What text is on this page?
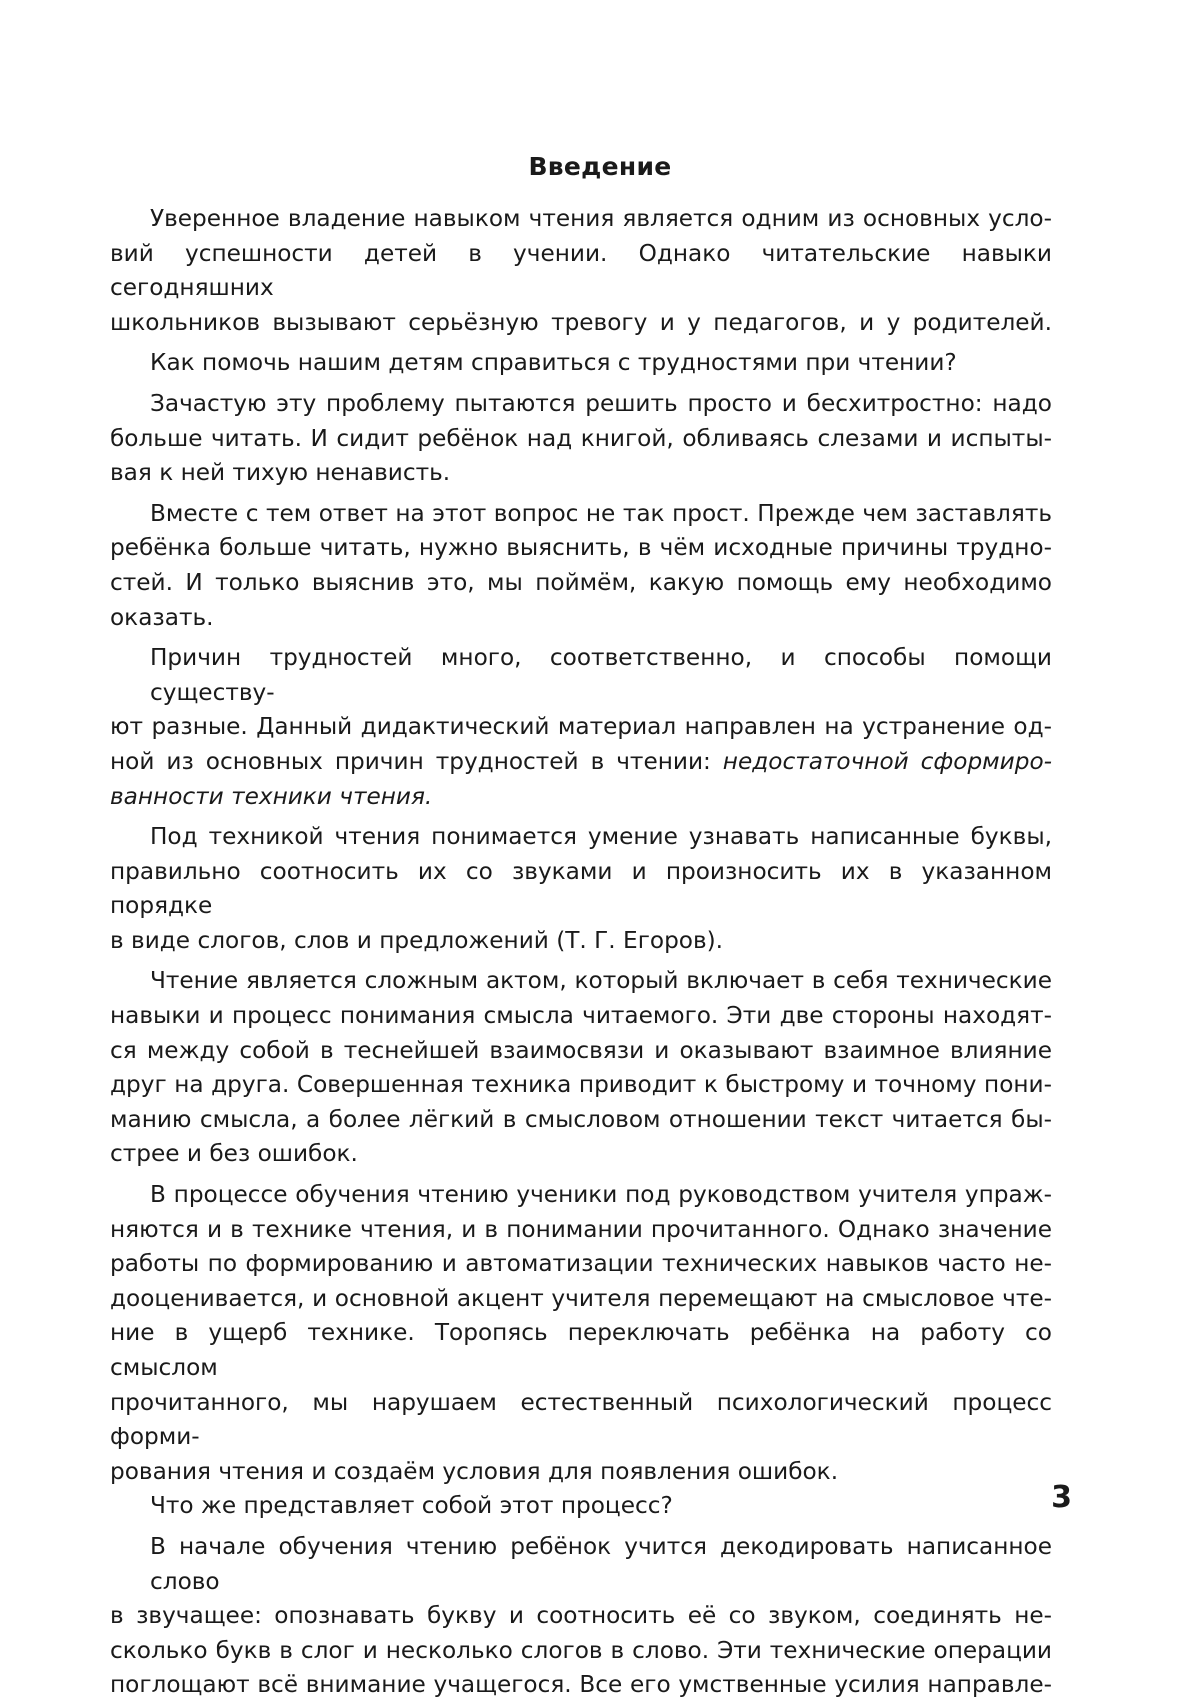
Введение
Уверенное владение навыком чтения является одним из основных усло-
вий успешности детей в учении. Однако читательские навыки сегодняшних
школьников вызывают серьёзную тревогу и у педагогов, и у родителей.
Как помочь нашим детям справиться с трудностями при чтении?
Зачастую эту проблему пытаются решить просто и бесхитростно: надо
больше читать. И сидит ребёнок над книгой, обливаясь слезами и испыты-
вая к ней тихую ненависть.
Вместе с тем ответ на этот вопрос не так прост. Прежде чем заставлять
ребёнка больше читать, нужно выяснить, в чём исходные причины трудно-
стей. И только выяснив это, мы поймём, какую помощь ему необходимо
оказать.
Причин трудностей много, соответственно, и способы помощи существу-
ют разные. Данный дидактический материал направлен на устранение од-
ной из основных причин трудностей в чтении: недостаточной сформиро-
ванности техники чтения.
Под техникой чтения понимается умение узнавать написанные буквы,
правильно соотносить их со звуками и произносить их в указанном порядке
в виде слогов, слов и предложений (Т. Г. Егоров).
Чтение является сложным актом, который включает в себя технические
навыки и процесс понимания смысла читаемого. Эти две стороны находят-
ся между собой в теснейшей взаимосвязи и оказывают взаимное влияние
друг на друга. Совершенная техника приводит к быстрому и точному пони-
манию смысла, а более лёгкий в смысловом отношении текст читается бы-
стрее и без ошибок.
В процессе обучения чтению ученики под руководством учителя упраж-
няются и в технике чтения, и в понимании прочитанного. Однако значение
работы по формированию и автоматизации технических навыков часто не-
дооценивается, и основной акцент учителя перемещают на смысловое чте-
ние в ущерб технике. Торопясь переключать ребёнка на работу со смыслом
прочитанного, мы нарушаем естественный психологический процесс форми-
рования чтения и создаём условия для появления ошибок.
Что же представляет собой этот процесс?
В начале обучения чтению ребёнок учится декодировать написанное слово
в звучащее: опознавать букву и соотносить её со звуком, соединять не-
сколько букв в слог и несколько слогов в слово. Эти технические операции
поглощают всё внимание учащегося. Все его умственные усилия направле-
3
